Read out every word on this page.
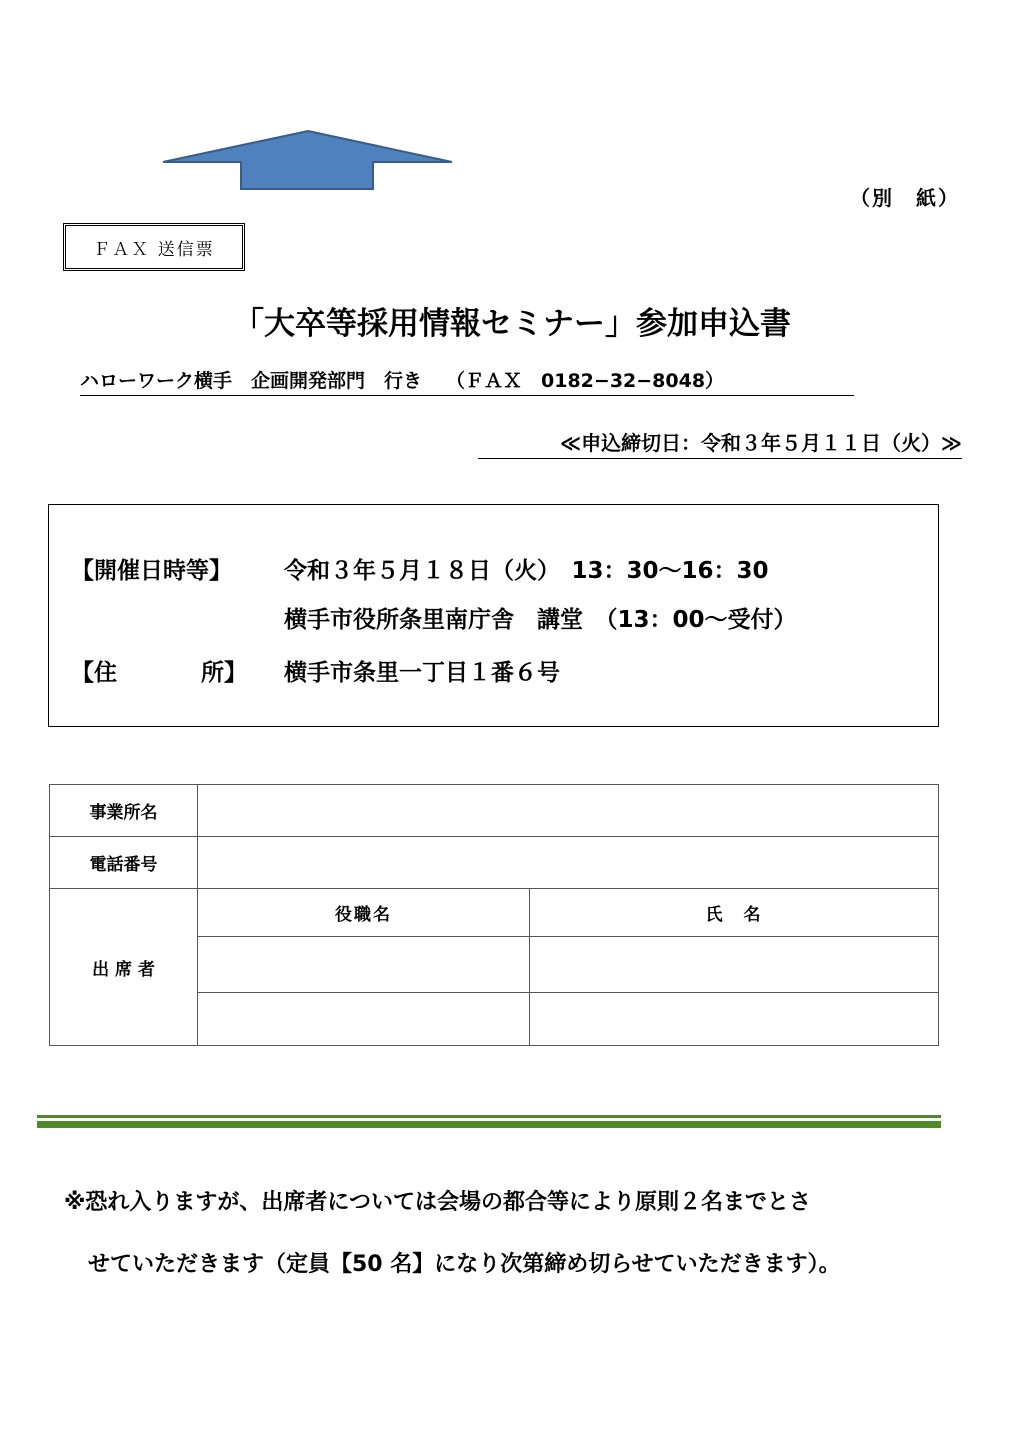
（別　紙）
ＦＡＸ 送信票
「大卒等採用情報セミナー」参加申込書
ハローワーク横手　企画開発部門　行き （ＦＡＸ　0182−32−8048）
≪申込締切日：令和３年５月１１日（火）≫
【開催日時等】	令和３年５月１８日（火）　13：30〜16：30
横手市役所条里南庁舎　講堂　（13：00〜受付）
【住	所】 横手市条里一丁目１番６号
事業所名		
電話番号		
出 席 者	役職名	氏　名

※恐れ入りますが、出席者については会場の都合等により原則２名までとさ
せていただきます（定員【50 名】になり次第締め切らせていただきます）。
